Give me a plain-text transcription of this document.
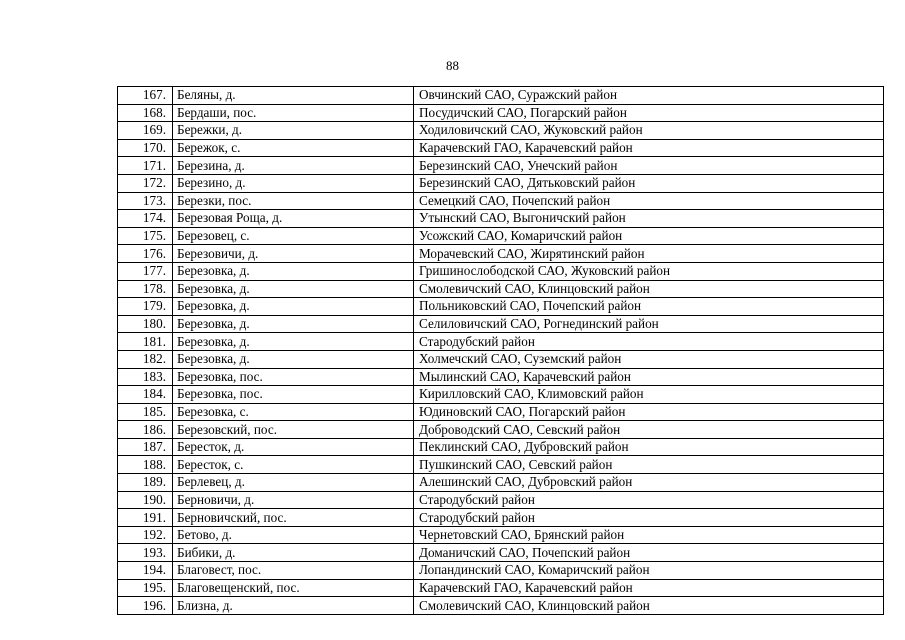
88
167.	Беляны, д.	Овчинский САО, Суражский район
168.	Бердаши, пос.	Посудичский САО, Погарский район
169.	Бережки, д.	Ходиловичский САО, Жуковский район
170.	Бережок, с.	Карачевский ГАО, Карачевский район
171.	Березина, д.	Березинский САО, Унечский район
172.	Березино, д.	Березинский САО, Дятьковский район
173.	Березки, пос.	Семецкий САО, Почепский район
174.	Березовая Роща, д.	Утынский САО, Выгоничский район
175.	Березовец, с.	Усожский САО, Комаричский район
176.	Березовичи, д.	Морачевский САО, Жирятинский район
177.	Березовка, д.	Гришинослободской САО, Жуковский район
178.	Березовка, д.	Смолевичский САО, Клинцовский район
179.	Березовка, д.	Польниковский САО, Почепский район
180.	Березовка, д.	Селиловичский САО, Рогнединский район
181.	Березовка, д.	Стародубский район
182.	Березовка, д.	Холмечский САО, Суземский район
183.	Березовка, пос.	Мылинский САО, Карачевский район
184.	Березовка, пос.	Кирилловский САО, Климовский район
185.	Березовка, с.	Юдиновский САО, Погарский район
186.	Березовский, пос.	Доброводский САО, Севский район
187.	Бересток, д.	Пеклинский САО, Дубровский район
188.	Бересток, с.	Пушкинский САО, Севский район
189.	Берлевец, д.	Алешинский САО, Дубровский район
190.	Берновичи, д.	Стародубский район
191.	Берновичский, пос.	Стародубский район
192.	Бетово, д.	Чернетовский САО, Брянский район
193.	Бибики, д.	Доманичский САО, Почепский район
194.	Благовест, пос.	Лопандинский САО, Комаричский район
195.	Благовещенский, пос.	Карачевский ГАО, Карачевский район
196.	Близна, д.	Смолевичский САО, Клинцовский район
